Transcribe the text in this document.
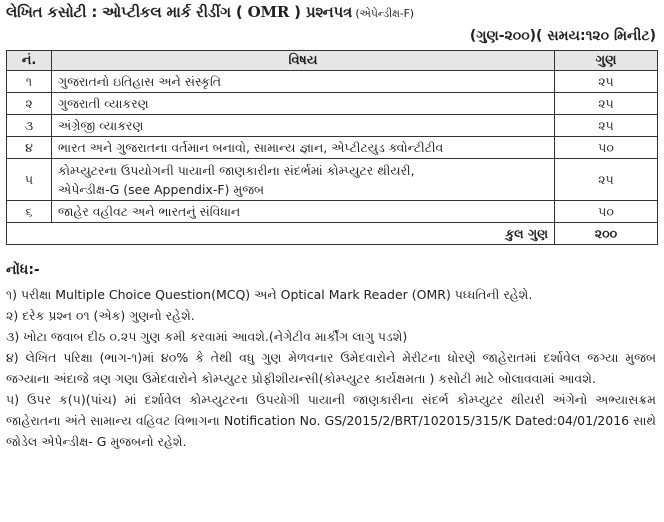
લેખિત કસોટી : ઓપ્ટીકલ માર્ક રીડીંગ ( OMR ) પ્રશ્નપત્ર (એપેન્ડીક્ષ-F)
(ગુણ-૨૦૦)( સમય:૧૨૦ મિનીટ)
નં.	વિષય	ગુણ
૧	ગુજરાતનો ઇતિહાસ અને સંસ્કૃતિ	૨૫
૨	ગુજરાતી વ્યાકરણ	૨૫
૩	અંગ્રેજી વ્યાકરણ	૨૫
૪	ભારત અને ગુજરાતના વર્તમાન બનાવો, સામાન્ય જ્ઞાન, એપ્ટીટયુડ ક્વોન્ટીટીવ	૫૦
૫	કોમ્પ્યુટરના ઉપયોગની પાયાની જાણકારીના સંદર્ભમાં કોમ્પ્યુટર થીયરી,
એપેન્ડીક્ષ-G (see Appendix-F) મુજબ	૨૫
૬	જાહેર વહીવટ અને ભારતનું સંવિધાન	૫૦
કુલ ગુણ		૨૦૦
નોંધ:-
૧) પરીક્ષા Multiple Choice Question(MCQ) અને Optical Mark Reader (OMR) પધ્ધતિની રહેશે.
૨) દરેક પ્રશ્ન ૦૧ (એક) ગુણનો રહેશે.
૩) ખોટા જવાબ દીઠ ૦.૨૫ ગુણ કમી કરવામાં આવશે.(નેગેટીવ માર્કીંગ લાગુ પડશે)
૪) લેખિત પરિક્ષા (ભાગ-૧)માં ૪૦% કે તેથી વધુ ગુણ મેળવનાર ઉમેદવારોને મેરીટના ધોરણે જાહેરાતમાં દર્શાવેલ જગ્યા મુજબ જગ્યાના અંદાજે ત્રણ ગણા ઉમેદવારોને કોમ્પ્યુટર પ્રોફીશીયન્સી(કોમ્પ્યુટર કાર્યક્ષમતા ) કસોટી માટે બોલાવવામાં આવશે.
૫) ઉપર ક(૫)(પાંચ) માં દર્શાવેલ કોમ્પ્યુટરના ઉપયોગી પાયાની જાણકારીના સંદર્ભ કોમ્પ્યુટર થીયરી અંગેનો અભ્યાસક્રમ જાહેરાતના અંતે સામાન્ય વહિવટ વિભાગના Notification No. GS/2015/2/BRT/102015/315/K Dated:04/01/2016 સાથે જોડેલ એપેન્ડીક્ષ- G મુજબનો રહેશે.
